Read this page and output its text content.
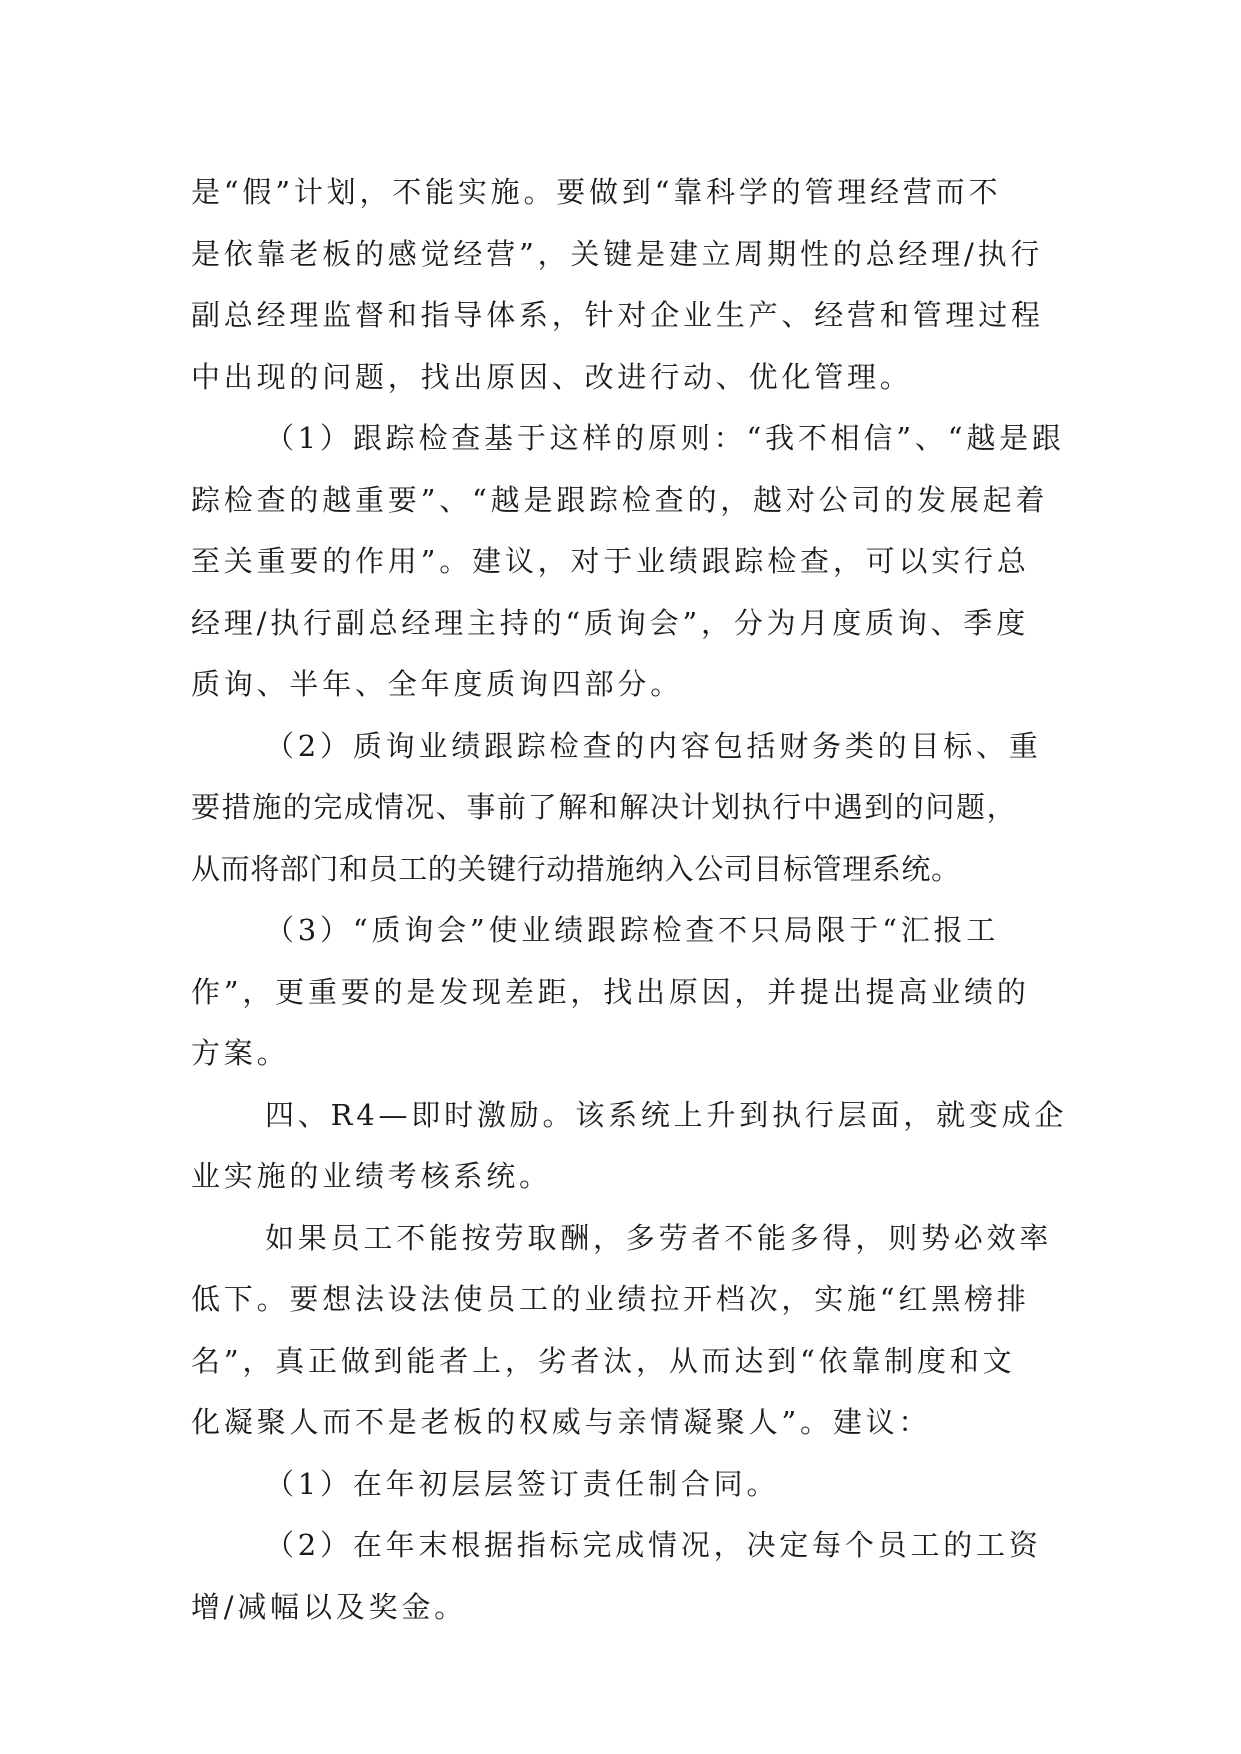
是“假”计划，不能实施。要做到“靠科学的管理经营而不
是依靠老板的感觉经营”，关键是建立周期性的总经理/执行
副总经理监督和指导体系，针对企业生产、经营和管理过程
中出现的问题，找出原因、改进行动、优化管理。
（1）跟踪检查基于这样的原则：“我不相信”、“越是跟
踪检查的越重要”、“越是跟踪检查的，越对公司的发展起着
至关重要的作用”。建议，对于业绩跟踪检查，可以实行总
经理/执行副总经理主持的“质询会”，分为月度质询、季度
质询、半年、全年度质询四部分。
（2）质询业绩跟踪检查的内容包括财务类的目标、重
要措施的完成情况、事前了解和解决计划执行中遇到的问题，
从而将部门和员工的关键行动措施纳入公司目标管理系统。
（3）“质询会”使业绩跟踪检查不只局限于“汇报工
作”，更重要的是发现差距，找出原因，并提出提高业绩的
方案。
四、R4—即时激励。该系统上升到执行层面，就变成企
业实施的业绩考核系统。
如果员工不能按劳取酬，多劳者不能多得，则势必效率
低下。要想法设法使员工的业绩拉开档次，实施“红黑榜排
名”，真正做到能者上，劣者汰，从而达到“依靠制度和文
化凝聚人而不是老板的权威与亲情凝聚人”。建议：
（1）在年初层层签订责任制合同。
（2）在年末根据指标完成情况，决定每个员工的工资
增/减幅以及奖金。
